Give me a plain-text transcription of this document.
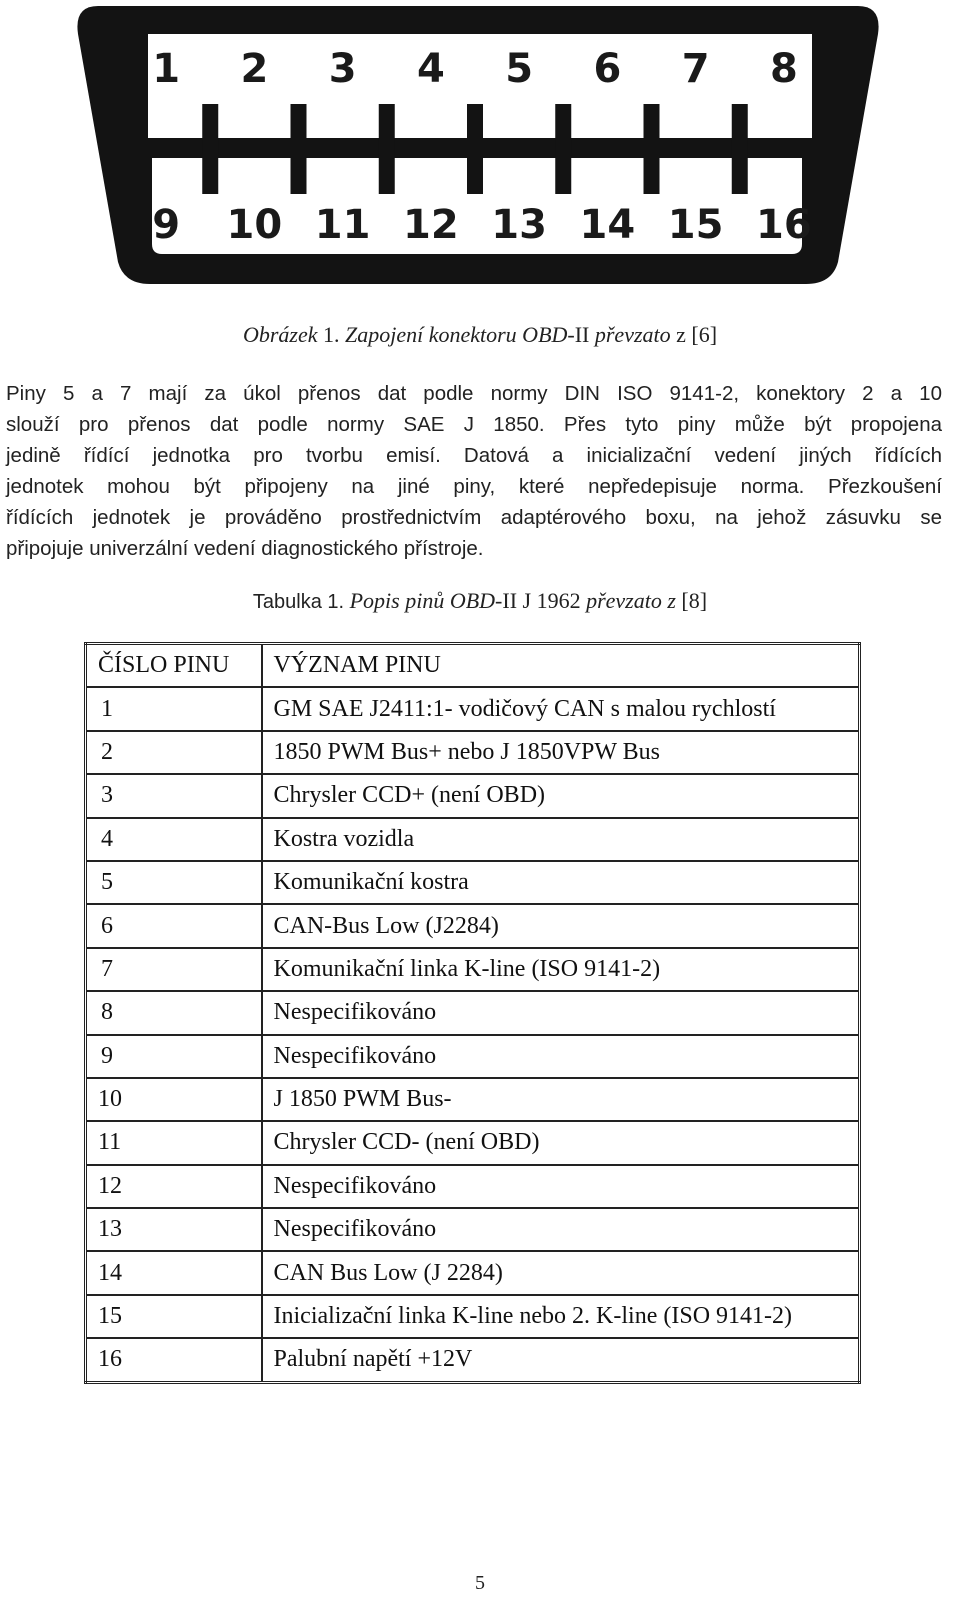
1 2 3 4 5 6 7 8
9 10 11 12 13 14 15 16
Obrázek 1. Zapojení konektoru OBD-II převzato z [6]
Piny 5 a 7 mají za úkol přenos dat podle normy DIN ISO 9141-2, konektory 2 a 10
slouží pro přenos dat podle normy SAE J 1850. Přes tyto piny může být propojena
jedině řídící jednotka pro tvorbu emisí. Datová a inicializační vedení jiných řídících
jednotek mohou být připojeny na jiné piny, které nepředepisuje norma. Přezkoušení
řídících jednotek je prováděno prostřednictvím adaptérového boxu, na jehož zásuvku se
připojuje univerzální vedení diagnostického přístroje.
Tabulka 1. Popis pinů OBD-II J 1962 převzato z [8]
ČÍSLO PINU	VÝZNAM PINU
1	GM SAE J2411:1- vodičový CAN s malou rychlostí
2	1850 PWM Bus+ nebo J 1850VPW Bus
3	Chrysler CCD+ (není OBD)
4	Kostra vozidla
5	Komunikační kostra
6	CAN-Bus Low (J2284)
7	Komunikační linka K-line (ISO 9141-2)
8	Nespecifikováno
9	Nespecifikováno
10	J 1850 PWM Bus-
11	Chrysler CCD- (není OBD)
12	Nespecifikováno
13	Nespecifikováno
14	CAN Bus Low (J 2284)
15	Inicializační linka K-line nebo 2. K-line (ISO 9141-2)
16	Palubní napětí +12V
5
